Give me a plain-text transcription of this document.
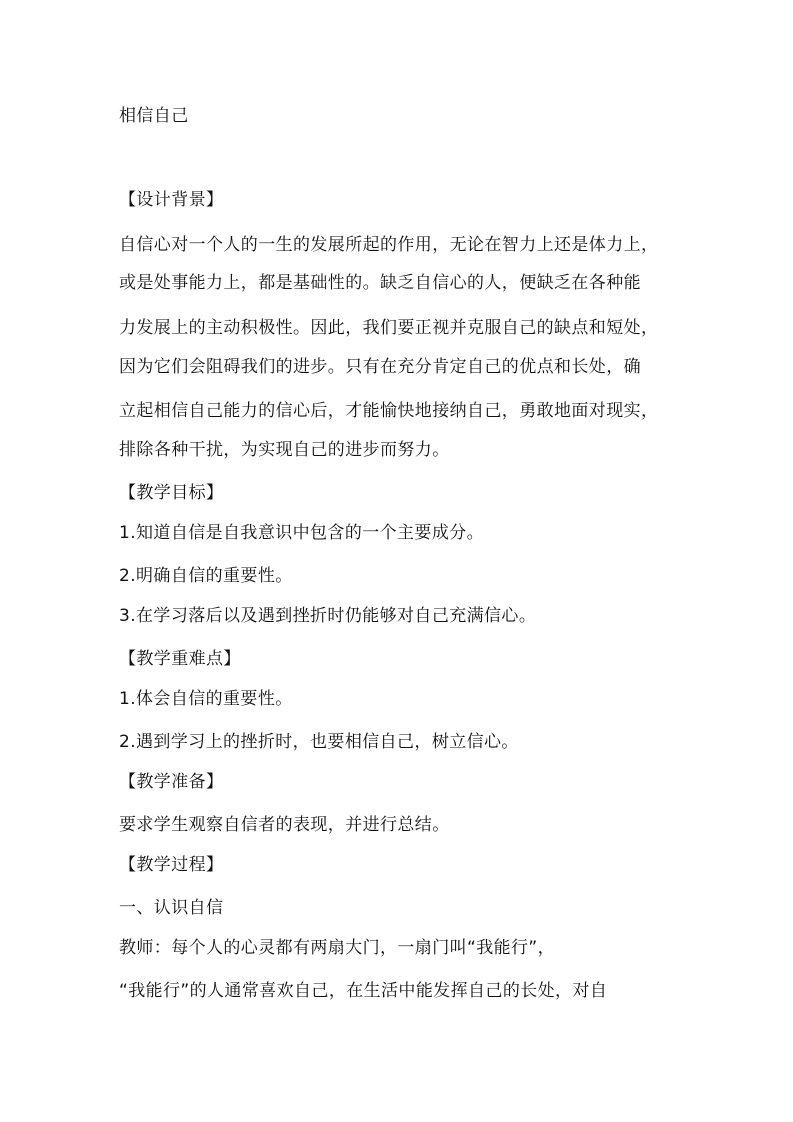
相信自己

【设计背景】

自信心对一个人的一生的发展所起的作用，无论在智力上还是体力上，

或是处事能力上，都是基础性的。缺乏自信心的人，便缺乏在各种能

力发展上的主动积极性。因此，我们要正视并克服自己的缺点和短处，

因为它们会阻碍我们的进步。只有在充分肯定自己的优点和长处，确

立起相信自己能力的信心后，才能愉快地接纳自己，勇敢地面对现实，

排除各种干扰，为实现自己的进步而努力。

【教学目标】

1.知道自信是自我意识中包含的一个主要成分。

2.明确自信的重要性。

3.在学习落后以及遇到挫折时仍能够对自己充满信心。

【教学重难点】

1.体会自信的重要性。

2.遇到学习上的挫折时，也要相信自己，树立信心。

【教学准备】

要求学生观察自信者的表现，并进行总结。

【教学过程】

一、认识自信

教师：每个人的心灵都有两扇大门，一扇门叫“我能行”，

“我能行”的人通常喜欢自己，在生活中能发挥自己的长处，对自
